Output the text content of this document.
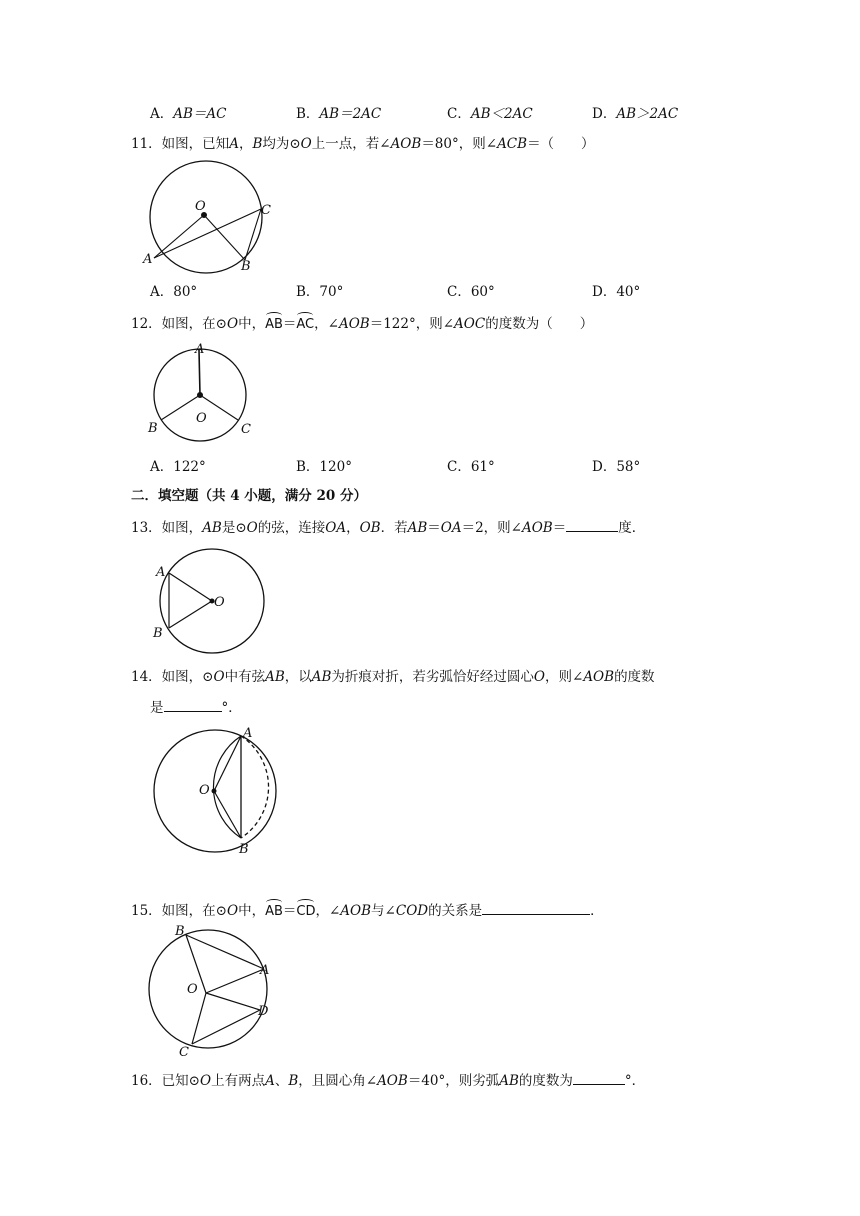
A．AB＝AC	B．AB＝2AC	C．AB＜2AC	D．AB＞2AC
11．如图，已知A，B均为⊙O上一点，若∠AOB＝80°，则∠ACB＝（　　）
O
A	B
C
A．80°	B．70°	C．60°	D．40°
12．如图，在⊙O中，AB＝AC，∠AOB＝122°，则∠AOC的度数为（　　）
A
O
B	C
A．122°	B．120°	C．61°	D．58°
二．填空题（共 4 小题，满分 20 分）
13．如图，AB是⊙O的弦，连接OA，OB．若AB＝OA＝2，则∠AOB＝	度．
A
O
B
14．如图，⊙O中有弦AB，以AB为折痕对折，若劣弧恰好经过圆心O，则∠AOB的度数
是	°．
A
O
B
15．如图，在⊙O中，AB＝CD，∠AOB与∠COD的关系是	．
B
A
O
D
C
16．已知⊙O上有两点A、B，且圆心角∠AOB＝40°，则劣弧AB的度数为	°．
